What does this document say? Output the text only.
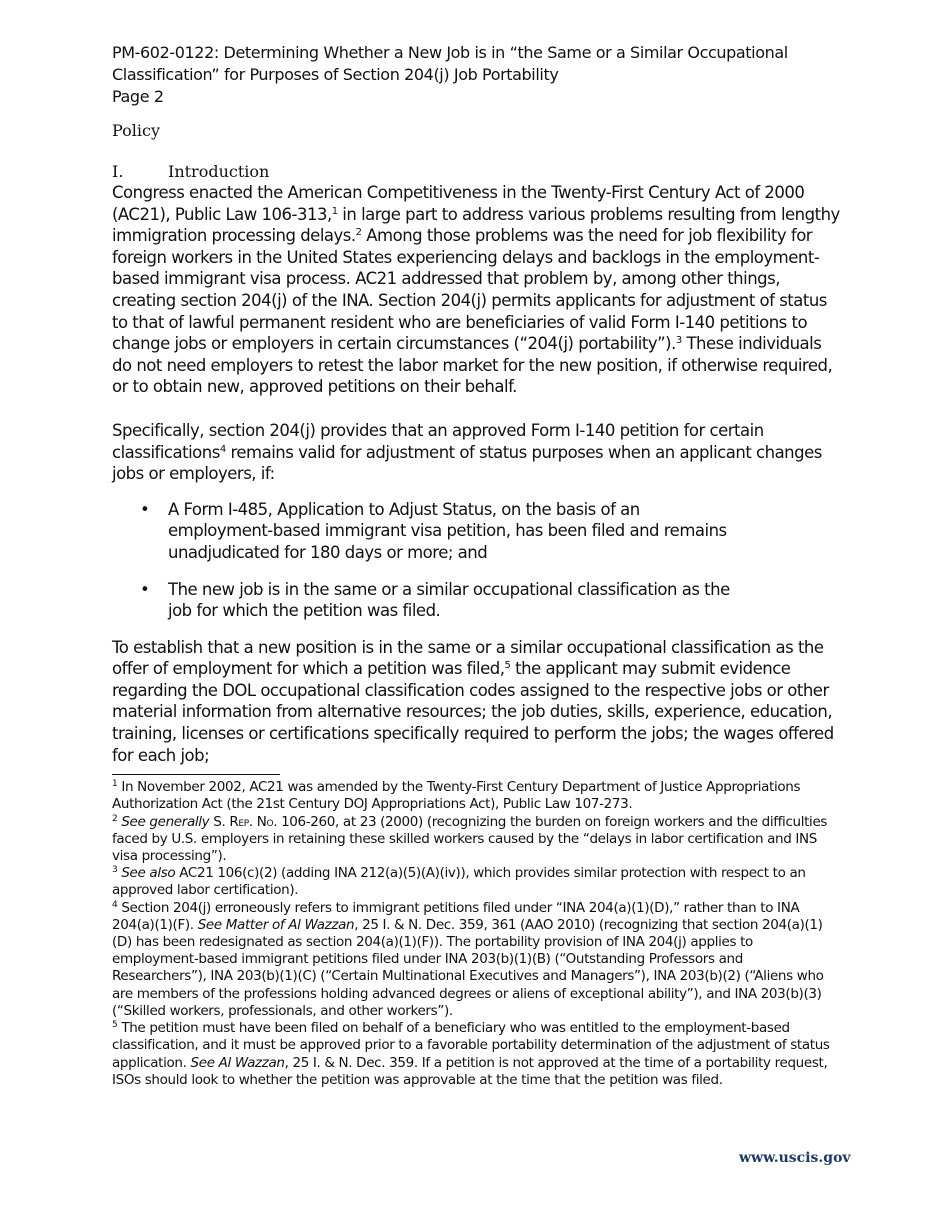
PM-602-0122: Determining Whether a New Job is in “the Same or a Similar Occupational
Classification” for Purposes of Section 204(j) Job Portability
Page 2
Policy
I.	Introduction

Congress enacted the American Competitiveness in the Twenty-First Century Act of 2000 (AC21), Public Law 106-313,$^1$ in large part to address various problems resulting from lengthy immigration processing delays.$^2$ Among those problems was the need for job flexibility for foreign workers in the United States experiencing delays and backlogs in the employment-based immigrant visa process. AC21 addressed that problem by, among other things, creating section 204(j) of the INA. Section 204(j) permits applicants for adjustment of status to that of lawful permanent resident who are beneficiaries of valid Form I-140 petitions to change jobs or employers in certain circumstances (“204(j) portability”).$^3$ These individuals do not need employers to retest the labor market for the new position, if otherwise required, or to obtain new, approved petitions on their behalf.

Specifically, section 204(j) provides that an approved Form I-140 petition for certain classifications$^4$ remains valid for adjustment of status purposes when an applicant changes jobs or employers, if:

• A Form I-485, Application to Adjust Status, on the basis of an employment-based immigrant visa petition, has been filed and remains unadjudicated for 180 days or more; and
• The new job is in the same or a similar occupational classification as the job for which the petition was filed.

To establish that a new position is in the same or a similar occupational classification as the offer of employment for which a petition was filed,$^5$ the applicant may submit evidence regarding the DOL occupational classification codes assigned to the respective jobs or other material information from alternative resources; the job duties, skills, experience, education, training, licenses or certifications specifically required to perform the jobs; the wages offered for each job;

$^1$ In November 2002, AC21 was amended by the Twenty-First Century Department of Justice Appropriations Authorization Act (the 21st Century DOJ Appropriations Act), Public Law 107-273.

$^2$ See generally S. Rep. No. 106-260, at 23 (2000) (recognizing the burden on foreign workers and the difficulties faced by U.S. employers in retaining these skilled workers caused by the “delays in labor certification and INS visa processing”).

$^3$ See also AC21 106(c)(2) (adding INA 212(a)(5)(A)(iv)), which provides similar protection with respect to an approved labor certification).

$^4$ Section 204(j) erroneously refers to immigrant petitions filed under “INA 204(a)(1)(D),” rather than to INA 204(a)(1)(F). See Matter of Al Wazzan, 25 I. & N. Dec. 359, 361 (AAO 2010) (recognizing that section 204(a)(1)(D) has been redesignated as section 204(a)(1)(F)). The portability provision of INA 204(j) applies to employment-based immigrant petitions filed under INA 203(b)(1)(B) (“Outstanding Professors and Researchers”), INA 203(b)(1)(C) (“Certain Multinational Executives and Managers”), INA 203(b)(2) (“Aliens who are members of the professions holding advanced degrees or aliens of exceptional ability”), and INA 203(b)(3) (“Skilled workers, professionals, and other workers”).

$^5$ The petition must have been filed on behalf of a beneficiary who was entitled to the employment-based classification, and it must be approved prior to a favorable portability determination of the adjustment of status application. See Al Wazzan, 25 I. & N. Dec. 359. If a petition is not approved at the time of a portability request, ISOs should look to whether the petition was approvable at the time that the petition was filed.

www.uscis.gov
